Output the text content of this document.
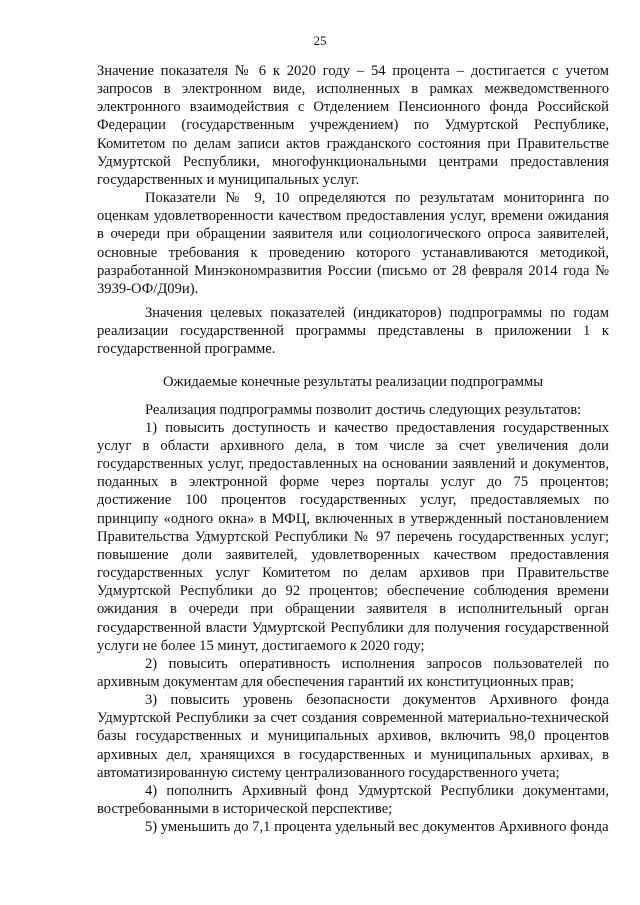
25

Значение показателя № 6 к 2020 году – 54 процента – достигается с учетом запросов в электронном виде, исполненных в рамках межведомственного электронного взаимодействия с Отделением Пенсионного фонда Российской Федерации (государственным учреждением) по Удмуртской Республике, Комитетом по делам записи актов гражданского состояния при Правительстве Удмуртской Республики, многофункциональными центрами предоставления государственных и муниципальных услуг.

Показатели № 9, 10 определяются по результатам мониторинга по оценкам удовлетворенности качеством предоставления услуг, времени ожидания в очереди при обращении заявителя или социологического опроса заявителей, основные требования к проведению которого устанавливаются методикой, разработанной Минэкономразвития России (письмо от 28 февраля 2014 года № 3939-ОФ/Д09и).

Значения целевых показателей (индикаторов) подпрограммы по годам реализации государственной программы представлены в приложении 1 к государственной программе.

Ожидаемые конечные результаты реализации подпрограммы

Реализация подпрограммы позволит достичь следующих результатов:

1) повысить доступность и качество предоставления государственных услуг в области архивного дела, в том числе за счет увеличения доли государственных услуг, предоставленных на основании заявлений и документов, поданных в электронной форме через порталы услуг до 75 процентов; достижение 100 процентов государственных услуг, предоставляемых по принципу «одного окна» в МФЦ, включенных в утвержденный постановлением Правительства Удмуртской Республики № 97 перечень государственных услуг; повышение доли заявителей, удовлетворенных качеством предоставления государственных услуг Комитетом по делам архивов при Правительстве Удмуртской Республики до 92 процентов; обеспечение соблюдения времени ожидания в очереди при обращении заявителя в исполнительный орган государственной власти Удмуртской Республики для получения государственной услуги не более 15 минут, достигаемого к 2020 году;

2) повысить оперативность исполнения запросов пользователей по архивным документам для обеспечения гарантий их конституционных прав;

3) повысить уровень безопасности документов Архивного фонда Удмуртской Республики за счет создания современной материально-технической базы государственных и муниципальных архивов, включить 98,0 процентов архивных дел, хранящихся в государственных и муниципальных архивах, в автоматизированную систему централизованного государственного учета;

4) пополнить Архивный фонд Удмуртской Республики документами, востребованными в исторической перспективе;

5) уменьшить до 7,1 процента удельный вес документов Архивного фонда
